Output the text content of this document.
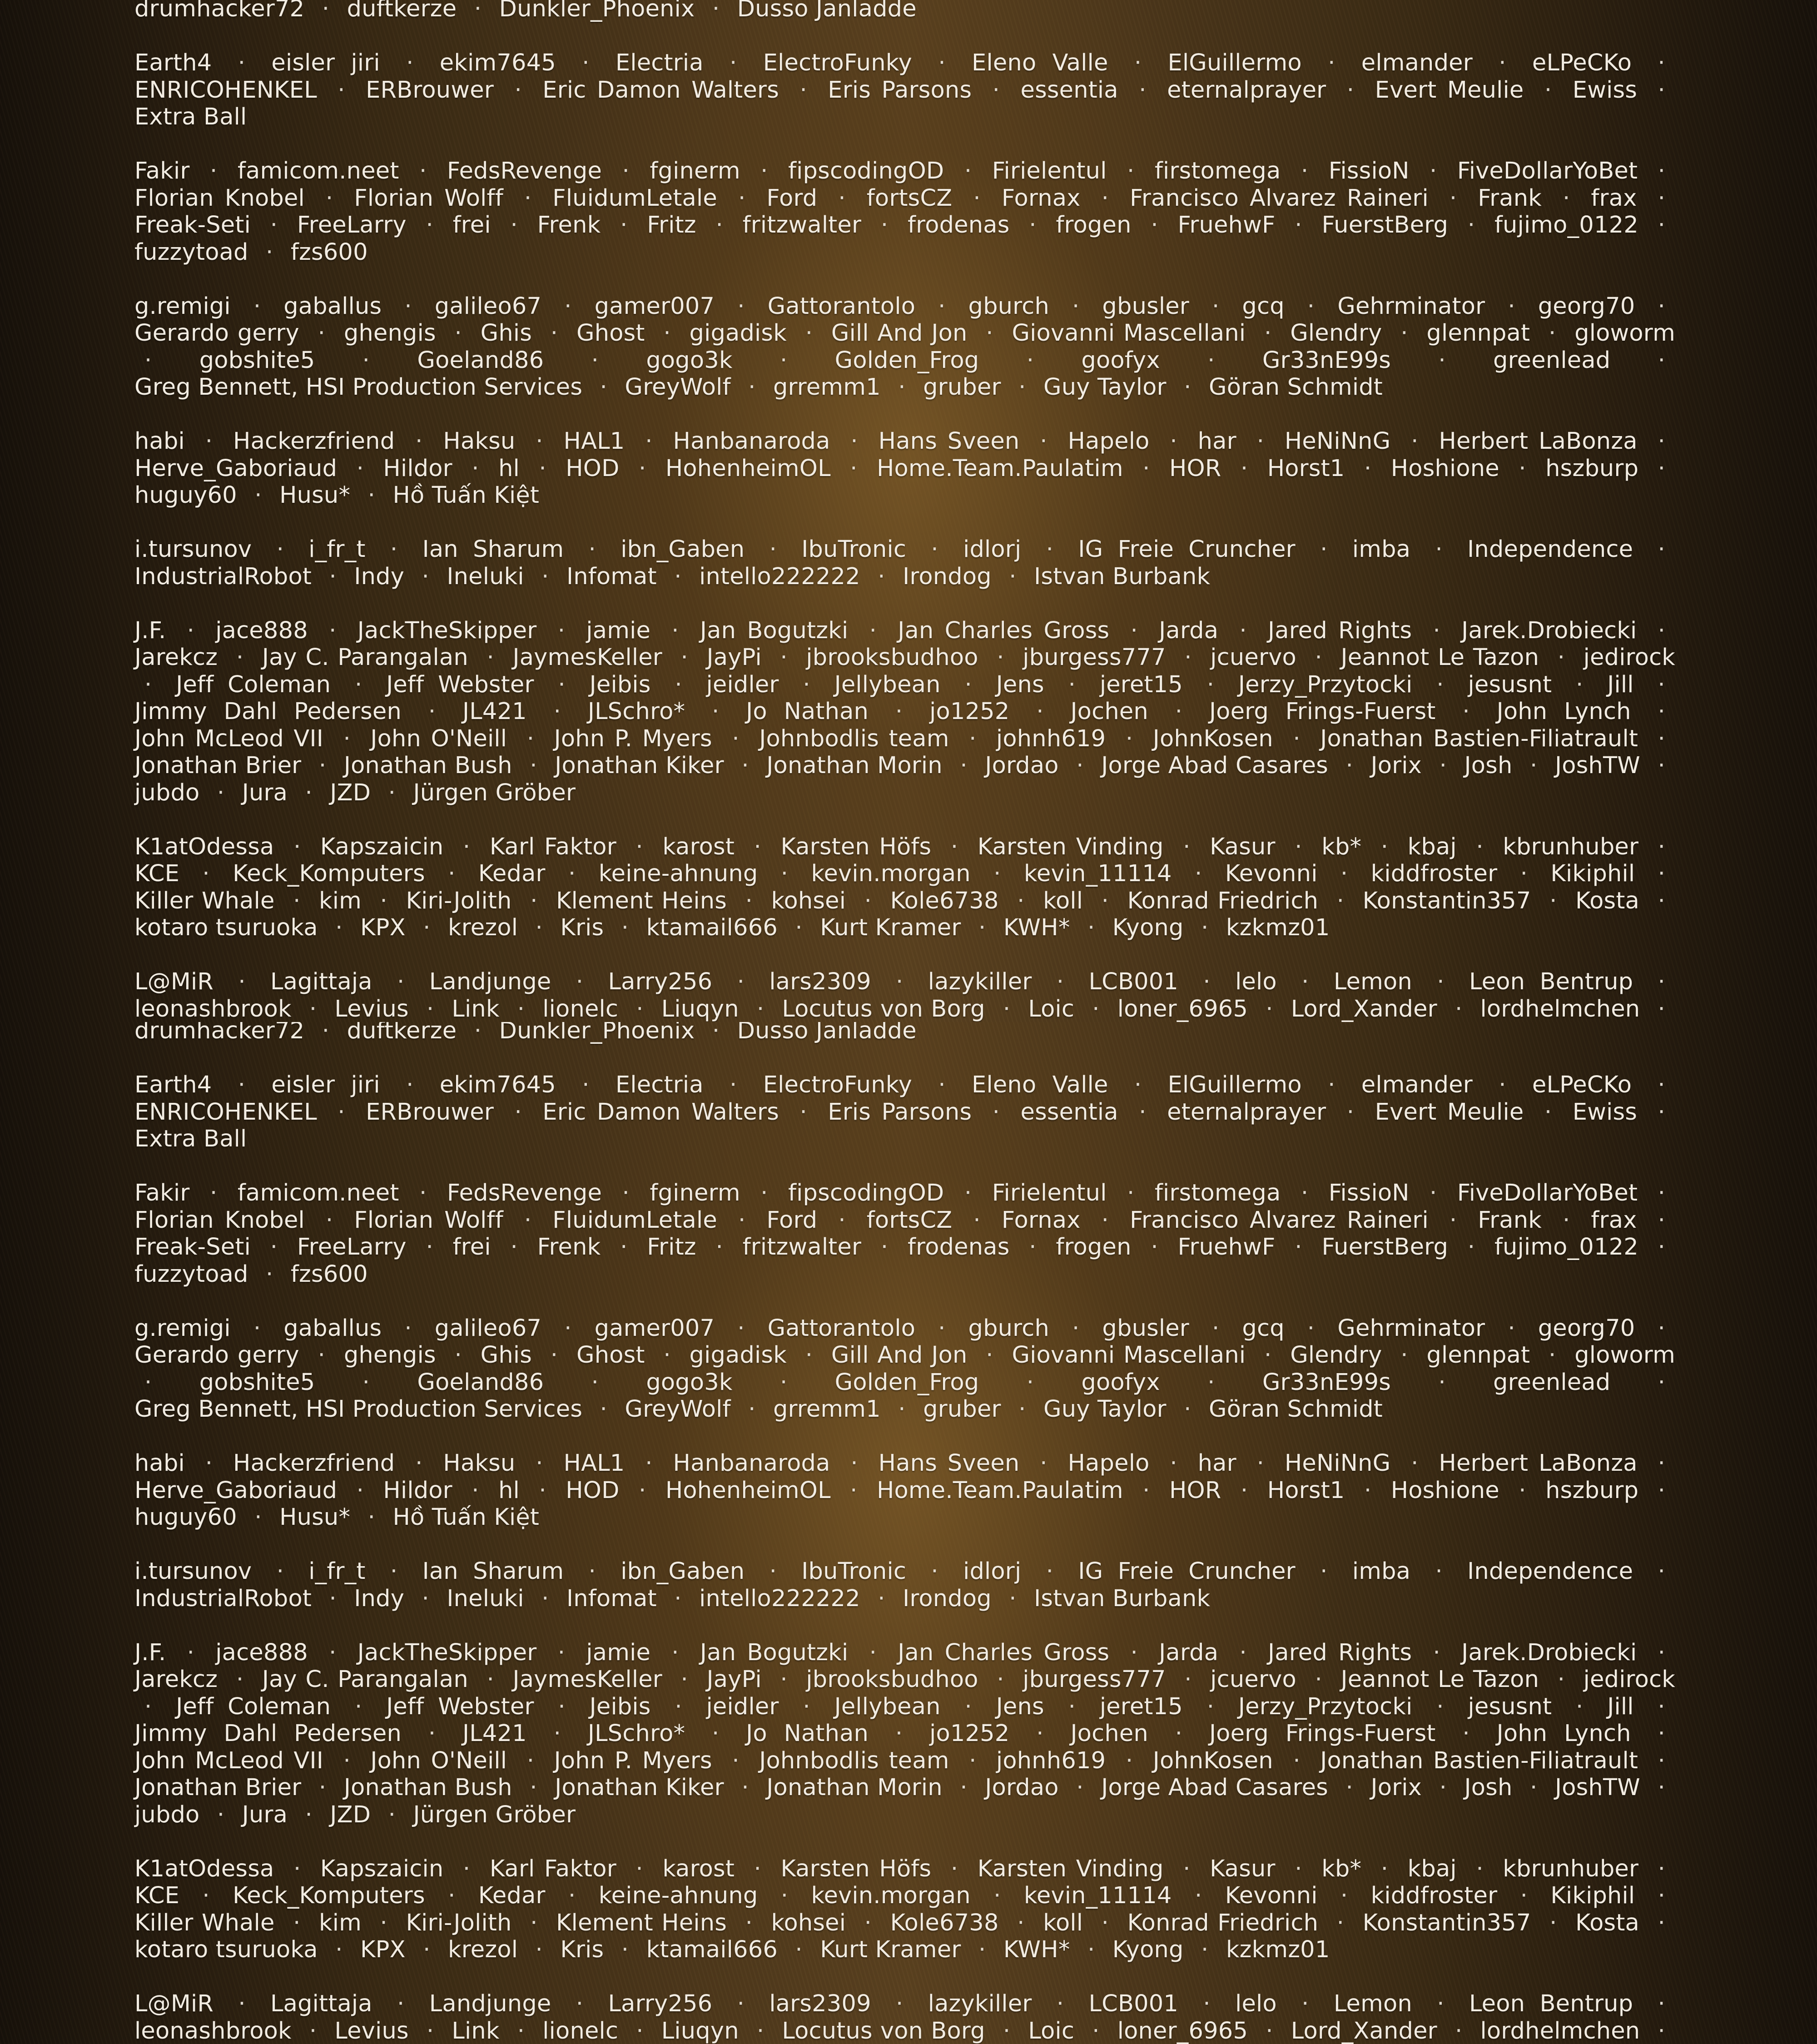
drumhacker72 · duftkerze · Dunkler_Phoenix · Dusso Janladde
Earth4 · eisler jiri · ekim7645 · Electria · ElectroFunky · Eleno Valle · ElGuillermo · elmander · eLPeCKo · ENRICOHENKEL · ERBrouwer · Eric Damon Walters · Eris Parsons · essentia · eternalprayer · Evert Meulie · Ewiss · Extra Ball
Fakir · famicom.neet · FedsRevenge · fginerm · fipscodingOD · Firielentul · firstomega · FissioN · FiveDollarYoBet · Florian Knobel · Florian Wolff · FluidumLetale · Ford · fortsCZ · Fornax · Francisco Alvarez Raineri · Frank · frax · Freak-Seti · FreeLarry · frei · Frenk · Fritz · fritzwalter · frodenas · frogen · FruehwF · FuerstBerg · fujimo_0122 · fuzzytoad · fzs600
g.remigi · gaballus · galileo67 · gamer007 · Gattorantolo · gburch · gbusler · gcq · Gehrminator · georg70 · Gerardo gerry · ghengis · Ghis · Ghost · gigadisk · Gill And Jon · Giovanni Mascellani · Glendry · glennpat · gloworm · gobshite5 · Goeland86 · gogo3k · Golden_Frog · goofyx · Gr33nE99s · greenlead · Greg Bennett, HSI Production Services · GreyWolf · grremm1 · gruber · Guy Taylor · Göran Schmidt
habi · Hackerzfriend · Haksu · HAL1 · Hanbanaroda · Hans Sveen · Hapelo · har · HeNiNnG · Herbert LaBonza · Herve_Gaboriaud · Hildor · hl · HOD · HohenheimOL · Home.Team.Paulatim · HOR · Horst1 · Hoshione · hszburp · huguy60 · Husu* · Hồ Tuấn Kiệt
i.tursunov · i_fr_t · Ian Sharum · ibn_Gaben · IbuTronic · idlorj · IG Freie Cruncher · imba · Independence · IndustrialRobot · Indy · Ineluki · Infomat · intello222222 · Irondog · Istvan Burbank
J.F. · jace888 · JackTheSkipper · jamie · Jan Bogutzki · Jan Charles Gross · Jarda · Jared Rights · Jarek.Drobiecki · Jarekcz · Jay C. Parangalan · JaymesKeller · JayPi · jbrooksbudhoo · jburgess777 · jcuervo · Jeannot Le Tazon · jedirock · Jeff Coleman · Jeff Webster · Jeibis · jeidler · Jellybean · Jens · jeret15 · Jerzy_Przytocki · jesusnt · Jill · Jimmy Dahl Pedersen · JL421 · JLSchro* · Jo Nathan · jo1252 · Jochen · Joerg Frings-Fuerst · John Lynch · John McLeod VII · John O'Neill · John P. Myers · Johnbodlis team · johnh619 · JohnKosen · Jonathan Bastien-Filiatrault · Jonathan Brier · Jonathan Bush · Jonathan Kiker · Jonathan Morin · Jordao · Jorge Abad Casares · Jorix · Josh · JoshTW · jubdo · Jura · JZD · Jürgen Gröber
K1atOdessa · Kapszaicin · Karl Faktor · karost · Karsten Höfs · Karsten Vinding · Kasur · kb* · kbaj · kbrunhuber · KCE · Keck_Komputers · Kedar · keine-ahnung · kevin.morgan · kevin_11114 · Kevonni · kiddfroster · Kikiphil · Killer Whale · kim · Kiri-Jolith · Klement Heins · kohsei · Kole6738 · koll · Konrad Friedrich · Konstantin357 · Kosta · kotaro tsuruoka · KPX · krezol · Kris · ktamail666 · Kurt Kramer · KWH* · Kyong · kzkmz01
L@MiR · Lagittaja · Landjunge · Larry256 · lars2309 · lazykiller · LCB001 · lelo · Lemon · Leon Bentrup · leonashbrook · Levius · Link · lionelc · Liuqyn · Locutus von Borg · Loic · loner_6965 · Lord_Xander · lordhelmchen ·

drumhacker72 · duftkerze · Dunkler_Phoenix · Dusso Janladde
Earth4 · eisler jiri · ekim7645 · Electria · ElectroFunky · Eleno Valle · ElGuillermo · elmander · eLPeCKo · ENRICOHENKEL · ERBrouwer · Eric Damon Walters · Eris Parsons · essentia · eternalprayer · Evert Meulie · Ewiss · Extra Ball
Fakir · famicom.neet · FedsRevenge · fginerm · fipscodingOD · Firielentul · firstomega · FissioN · FiveDollarYoBet · Florian Knobel · Florian Wolff · FluidumLetale · Ford · fortsCZ · Fornax · Francisco Alvarez Raineri · Frank · frax · Freak-Seti · FreeLarry · frei · Frenk · Fritz · fritzwalter · frodenas · frogen · FruehwF · FuerstBerg · fujimo_0122 · fuzzytoad · fzs600
g.remigi · gaballus · galileo67 · gamer007 · Gattorantolo · gburch · gbusler · gcq · Gehrminator · georg70 · Gerardo gerry · ghengis · Ghis · Ghost · gigadisk · Gill And Jon · Giovanni Mascellani · Glendry · glennpat · gloworm · gobshite5 · Goeland86 · gogo3k · Golden_Frog · goofyx · Gr33nE99s · greenlead · Greg Bennett, HSI Production Services · GreyWolf · grremm1 · gruber · Guy Taylor · Göran Schmidt
habi · Hackerzfriend · Haksu · HAL1 · Hanbanaroda · Hans Sveen · Hapelo · har · HeNiNnG · Herbert LaBonza · Herve_Gaboriaud · Hildor · hl · HOD · HohenheimOL · Home.Team.Paulatim · HOR · Horst1 · Hoshione · hszburp · huguy60 · Husu* · Hồ Tuấn Kiệt
i.tursunov · i_fr_t · Ian Sharum · ibn_Gaben · IbuTronic · idlorj · IG Freie Cruncher · imba · Independence · IndustrialRobot · Indy · Ineluki · Infomat · intello222222 · Irondog · Istvan Burbank
J.F. · jace888 · JackTheSkipper · jamie · Jan Bogutzki · Jan Charles Gross · Jarda · Jared Rights · Jarek.Drobiecki · Jarekcz · Jay C. Parangalan · JaymesKeller · JayPi · jbrooksbudhoo · jburgess777 · jcuervo · Jeannot Le Tazon · jedirock · Jeff Coleman · Jeff Webster · Jeibis · jeidler · Jellybean · Jens · jeret15 · Jerzy_Przytocki · jesusnt · Jill · Jimmy Dahl Pedersen · JL421 · JLSchro* · Jo Nathan · jo1252 · Jochen · Joerg Frings-Fuerst · John Lynch · John McLeod VII · John O'Neill · John P. Myers · Johnbodlis team · johnh619 · JohnKosen · Jonathan Bastien-Filiatrault · Jonathan Brier · Jonathan Bush · Jonathan Kiker · Jonathan Morin · Jordao · Jorge Abad Casares · Jorix · Josh · JoshTW · jubdo · Jura · JZD · Jürgen Gröber
K1atOdessa · Kapszaicin · Karl Faktor · karost · Karsten Höfs · Karsten Vinding · Kasur · kb* · kbaj · kbrunhuber · KCE · Keck_Komputers · Kedar · keine-ahnung · kevin.morgan · kevin_11114 · Kevonni · kiddfroster · Kikiphil · Killer Whale · kim · Kiri-Jolith · Klement Heins · kohsei · Kole6738 · koll · Konrad Friedrich · Konstantin357 · Kosta · kotaro tsuruoka · KPX · krezol · Kris · ktamail666 · Kurt Kramer · KWH* · Kyong · kzkmz01
L@MiR · Lagittaja · Landjunge · Larry256 · lars2309 · lazykiller · LCB001 · lelo · Lemon · Leon Bentrup · leonashbrook · Levius · Link · lionelc · Liuqyn · Locutus von Borg · Loic · loner_6965 · Lord_Xander · lordhelmchen ·
